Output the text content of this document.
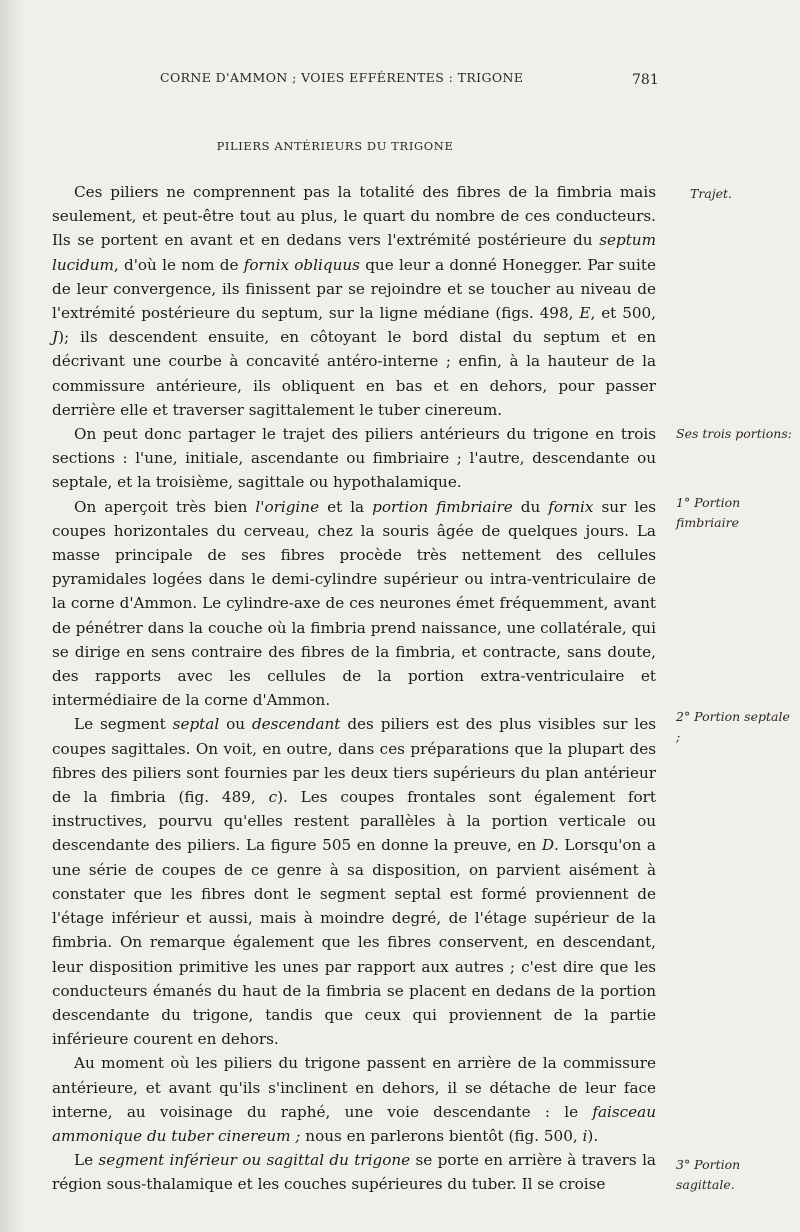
CORNE D'AMMON ; VOIES EFFÉRENTES : TRIGONE	781
PILIERS ANTÉRIEURS DU TRIGONE

Ces piliers ne comprennent pas la totalité des fibres de la fimbria mais seulement, et peut-être tout au plus, le quart du nombre de ces conducteurs. Ils se portent en avant et en dedans vers l'extrémité postérieure du septum lucidum, d'où le nom de fornix obliquus que leur a donné Honegger. Par suite de leur convergence, ils finissent par se rejoindre et se toucher au niveau de l'extrémité postérieure du septum, sur la ligne médiane (figs. 498, E, et 500, J); ils descendent ensuite, en côtoyant le bord distal du septum et en décrivant une courbe à concavité antéro-interne ; enfin, à la hauteur de la commissure antérieure, ils obliquent en bas et en dehors, pour passer derrière elle et traverser sagittalement le tuber cinereum.

On peut donc partager le trajet des piliers antérieurs du trigone en trois sections : l'une, initiale, ascendante ou fimbriaire ; l'autre, descendante ou septale, et la troisième, sagittale ou hypothalamique.

On aperçoit très bien l'origine et la portion fimbriaire du fornix sur les coupes horizontales du cerveau, chez la souris âgée de quelques jours. La masse principale de ses fibres procède très nettement des cellules pyramidales logées dans le demi-cylindre supérieur ou intra-ventriculaire de la corne d'Ammon. Le cylindre-axe de ces neurones émet fréquemment, avant de pénétrer dans la couche où la fimbria prend naissance, une collatérale, qui se dirige en sens contraire des fibres de la fimbria, et contracte, sans doute, des rapports avec les cellules de la portion extra-ventriculaire et intermédiaire de la corne d'Ammon.

Le segment septal ou descendant des piliers est des plus visibles sur les coupes sagittales. On voit, en outre, dans ces préparations que la plupart des fibres des piliers sont fournies par les deux tiers supérieurs du plan antérieur de la fimbria (fig. 489, c). Les coupes frontales sont également fort instructives, pourvu qu'elles restent parallèles à la portion verticale ou descendante des piliers. La figure 505 en donne la preuve, en D. Lorsqu'on a une série de coupes de ce genre à sa disposition, on parvient aisément à constater que les fibres dont le segment septal est formé proviennent de l'étage inférieur et aussi, mais à moindre degré, de l'étage supérieur de la fimbria. On remarque également que les fibres conservent, en descendant, leur disposition primitive les unes par rapport aux autres ; c'est dire que les conducteurs émanés du haut de la fimbria se placent en dedans de la portion descendante du trigone, tandis que ceux qui proviennent de la partie inférieure courent en dehors.

Au moment où les piliers du trigone passent en arrière de la commissure antérieure, et avant qu'ils s'inclinent en dehors, il se détache de leur face interne, au voisinage du raphé, une voie descendante : le faisceau ammonique du tuber cinereum ; nous en parlerons bientôt (fig. 500, i).

Le segment inférieur ou sagittal du trigone se porte en arrière à travers la région sous-thalamique et les couches supérieures du tuber. Il se croise

Trajet.
Ses trois portions:
1° Portion fimbriaire
2° Portion septale ;
3° Portion sagittale.
